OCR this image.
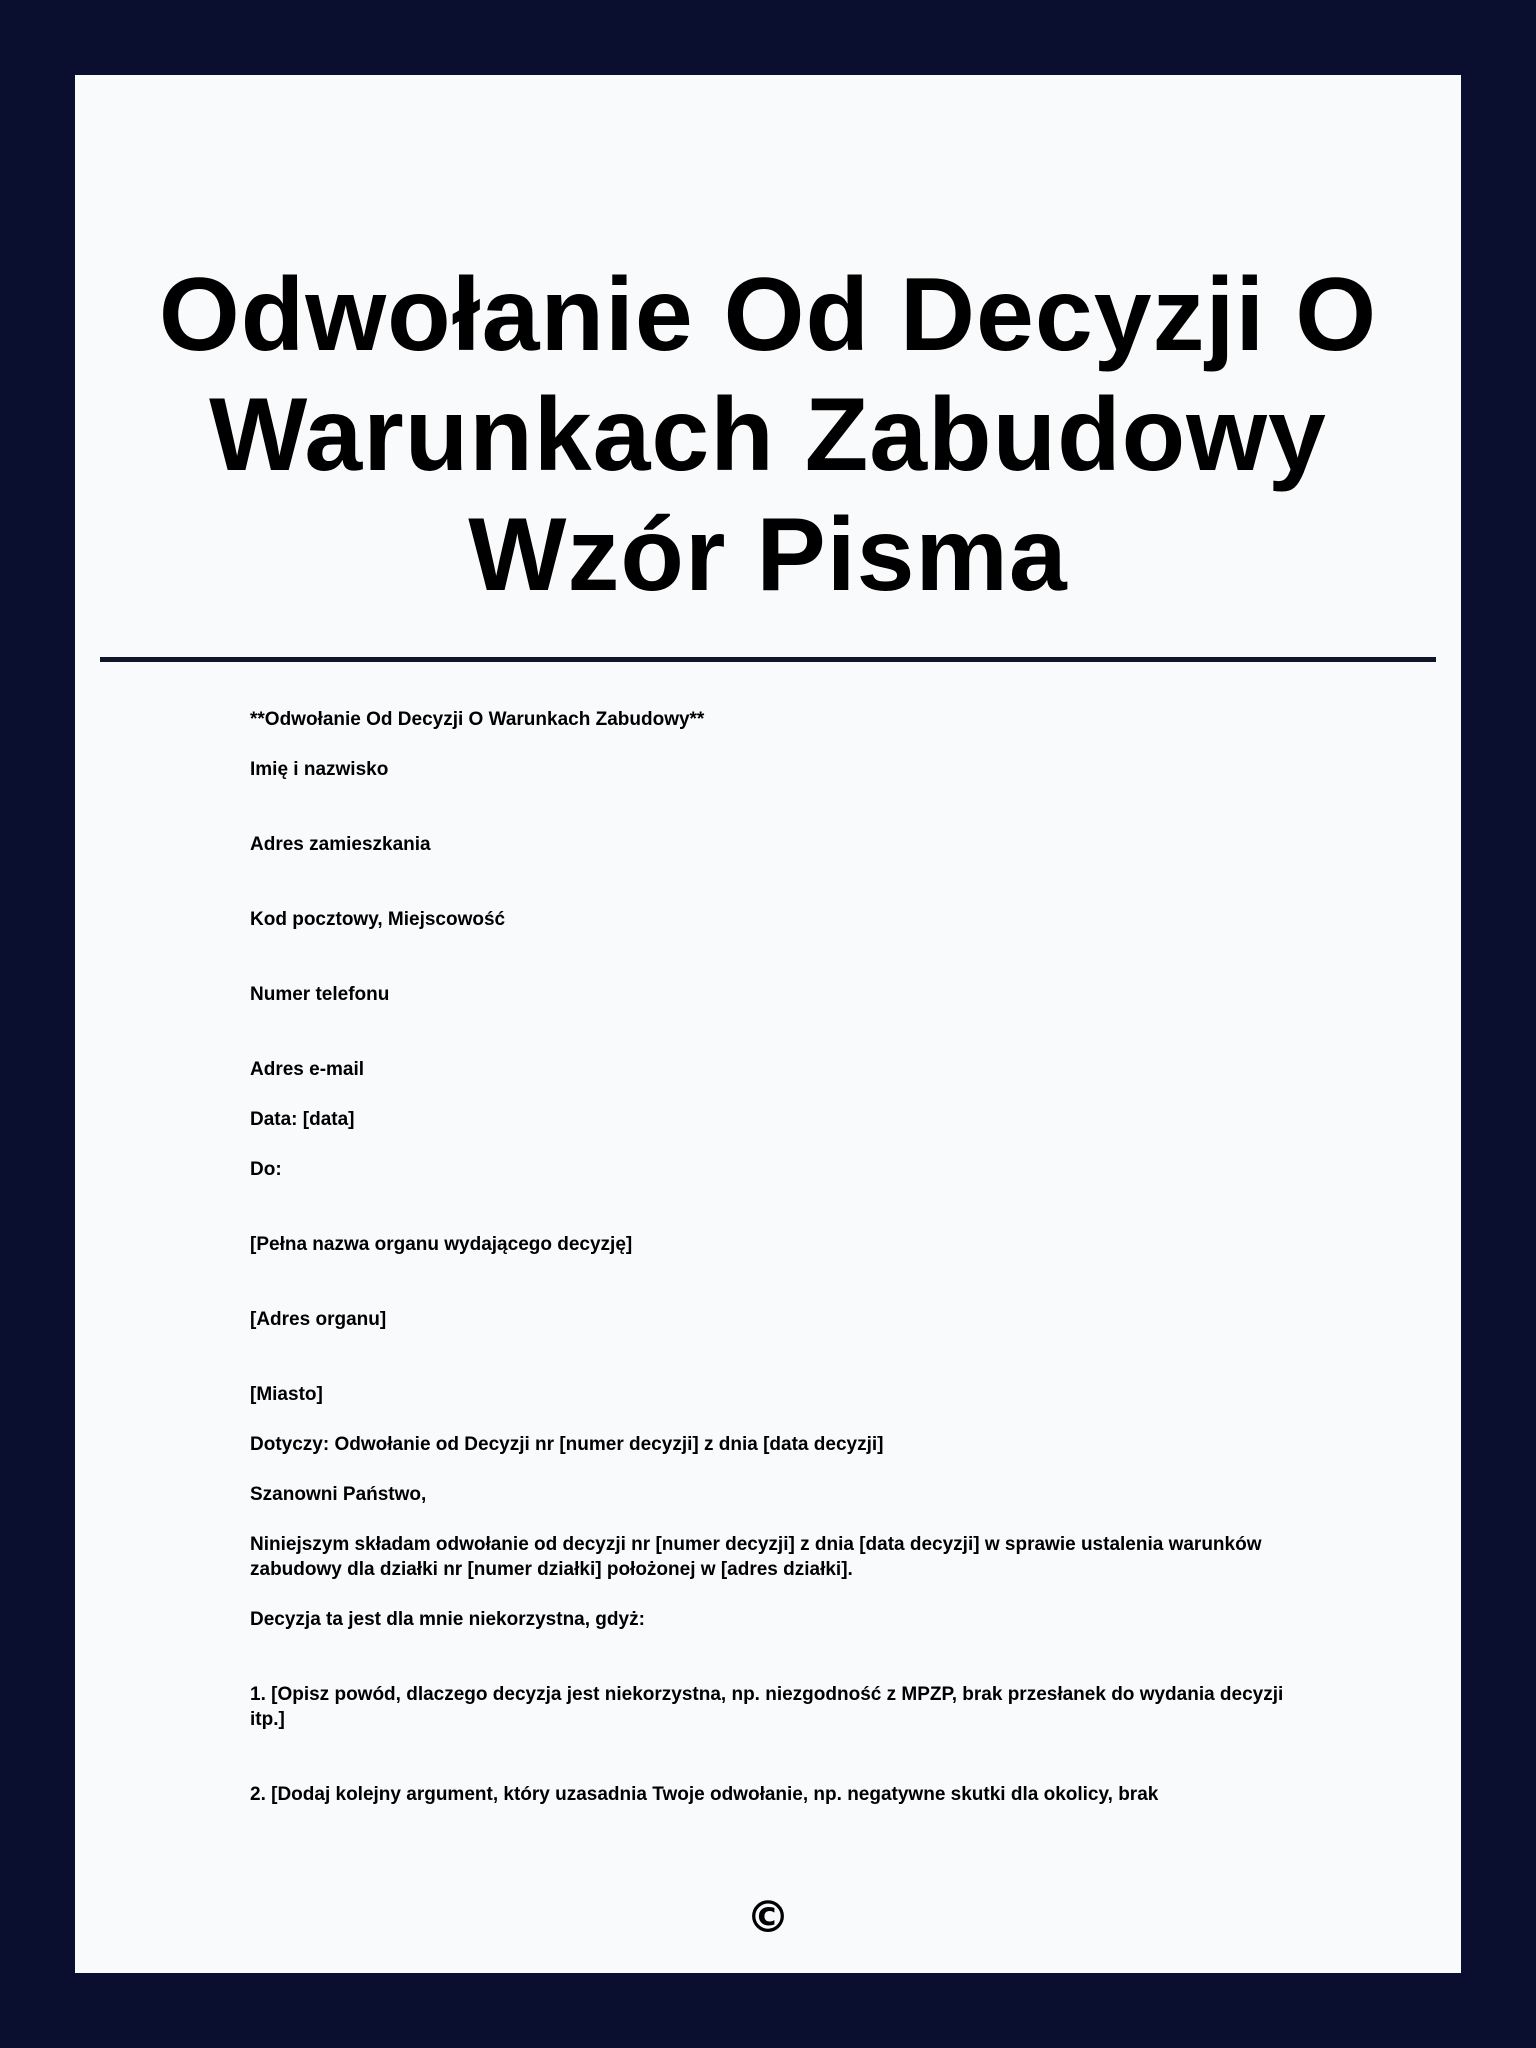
Odwołanie Od Decyzji O Warunkach Zabudowy Wzór Pisma

**Odwołanie Od Decyzji O Warunkach Zabudowy**

Imię i nazwisko

Adres zamieszkania

Kod pocztowy, Miejscowość

Numer telefonu

Adres e-mail

Data: [data]

Do:

[Pełna nazwa organu wydającego decyzję]

[Adres organu]

[Miasto]

Dotyczy: Odwołanie od Decyzji nr [numer decyzji] z dnia [data decyzji]

Szanowni Państwo,

Niniejszym składam odwołanie od decyzji nr [numer decyzji] z dnia [data decyzji] w sprawie ustalenia warunków zabudowy dla działki nr [numer działki] położonej w [adres działki].

Decyzja ta jest dla mnie niekorzystna, gdyż:

1. [Opisz powód, dlaczego decyzja jest niekorzystna, np. niezgodność z MPZP, brak przesłanek do wydania decyzji itp.]

2. [Dodaj kolejny argument, który uzasadnia Twoje odwołanie, np. negatywne skutki dla okolicy, brak

©
